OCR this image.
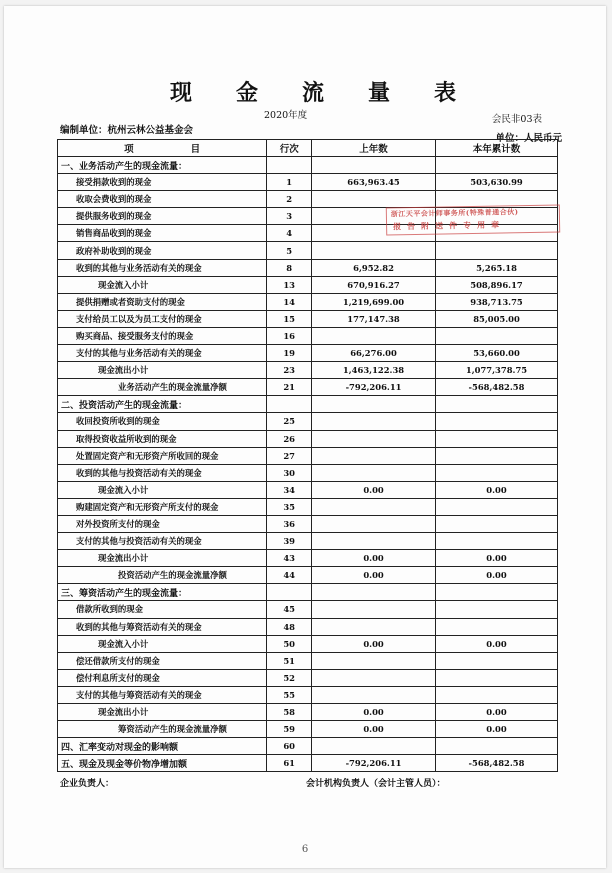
现金流量表
2020年度	会民非03表
编制单位：杭州云林公益基金会
单位：人民币元
项　　　　　　目	行次	上年数	本年累计数
一、业务活动产生的现金流量：			
接受捐款收到的现金	1	663,963.45	503,630.99
收取会费收到的现金	2		
提供服务收到的现金	3		
销售商品收到的现金	4		
政府补助收到的现金	5		
收到的其他与业务活动有关的现金	8	6,952.82	5,265.18
现金流入小计	13	670,916.27	508,896.17
提供捐赠或者资助支付的现金	14	1,219,699.00	938,713.75
支付给员工以及为员工支付的现金	15	177,147.38	85,005.00
购买商品、接受服务支付的现金	16		
支付的其他与业务活动有关的现金	19	66,276.00	53,660.00
现金流出小计	23	1,463,122.38	1,077,378.75
业务活动产生的现金流量净额	21	-792,206.11	-568,482.58
二、投资活动产生的现金流量：			
收回投资所收到的现金	25		
取得投资收益所收到的现金	26		
处置固定资产和无形资产所收回的现金	27		
收到的其他与投资活动有关的现金	30		
现金流入小计	34	0.00	0.00
购建固定资产和无形资产所支付的现金	35		
对外投资所支付的现金	36		
支付的其他与投资活动有关的现金	39		
现金流出小计	43	0.00	0.00
投资活动产生的现金流量净额	44	0.00	0.00
三、筹资活动产生的现金流量：			
借款所收到的现金	45		
收到的其他与筹资活动有关的现金	48		
现金流入小计	50	0.00	0.00
偿还借款所支付的现金	51		
偿付利息所支付的现金	52		
支付的其他与筹资活动有关的现金	55		
现金流出小计	58	0.00	0.00
筹资活动产生的现金流量净额	59	0.00	0.00
四、汇率变动对现金的影响额	60		
五、现金及现金等价物净增加额	61	-792,206.11	-568,482.58
浙江天平会计师事务所(特殊普通合伙)
报告附送件专用章
企业负责人：	会计机构负责人（会计主管人员）：
6
